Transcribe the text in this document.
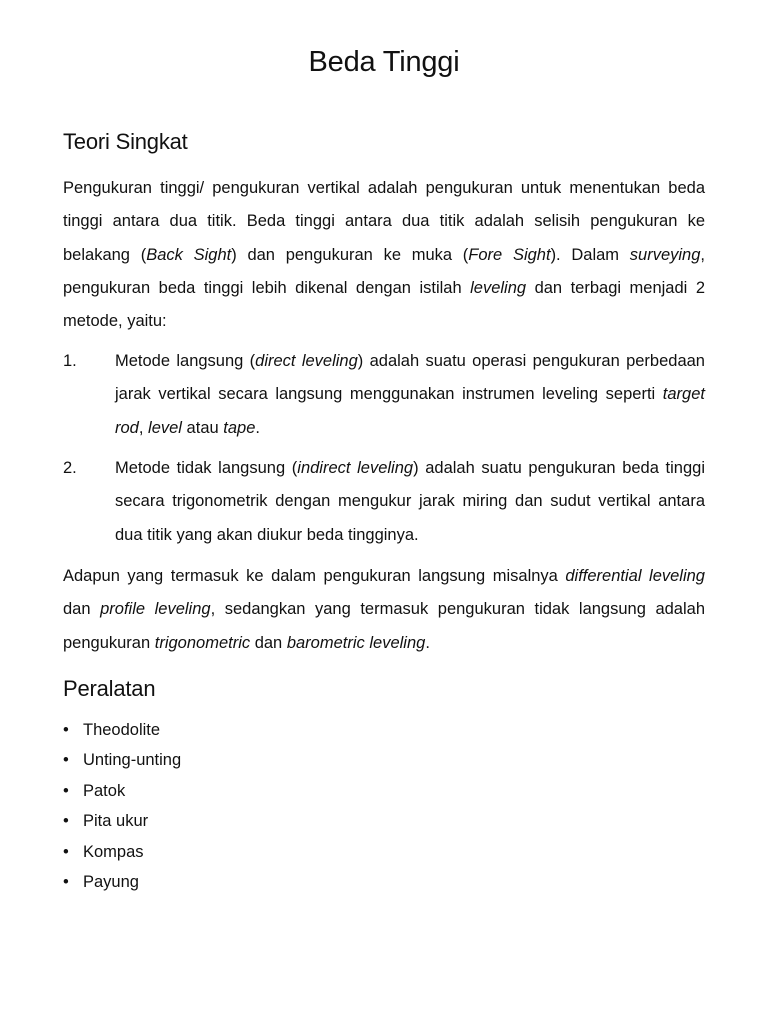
Beda Tinggi
Teori Singkat

Pengukuran tinggi/ pengukuran vertikal adalah pengukuran untuk menentukan beda tinggi antara dua titik. Beda tinggi antara dua titik adalah selisih pengukuran ke belakang (Back Sight) dan pengukuran ke muka (Fore Sight). Dalam surveying, pengukuran beda tinggi lebih dikenal dengan istilah leveling dan terbagi menjadi 2 metode, yaitu:

1. Metode langsung (direct leveling) adalah suatu operasi pengukuran perbedaan jarak vertikal secara langsung menggunakan instrumen leveling seperti target rod, level atau tape.
2. Metode tidak langsung (indirect leveling) adalah suatu pengukuran beda tinggi secara trigonometrik dengan mengukur jarak miring dan sudut vertikal antara dua titik yang akan diukur beda tingginya.

Adapun yang termasuk ke dalam pengukuran langsung misalnya differential leveling dan profile leveling, sedangkan yang termasuk pengukuran tidak langsung adalah pengukuran trigonometric dan barometric leveling.

Peralatan
• Theodolite
• Unting-unting
• Patok
• Pita ukur
• Kompas
• Payung
